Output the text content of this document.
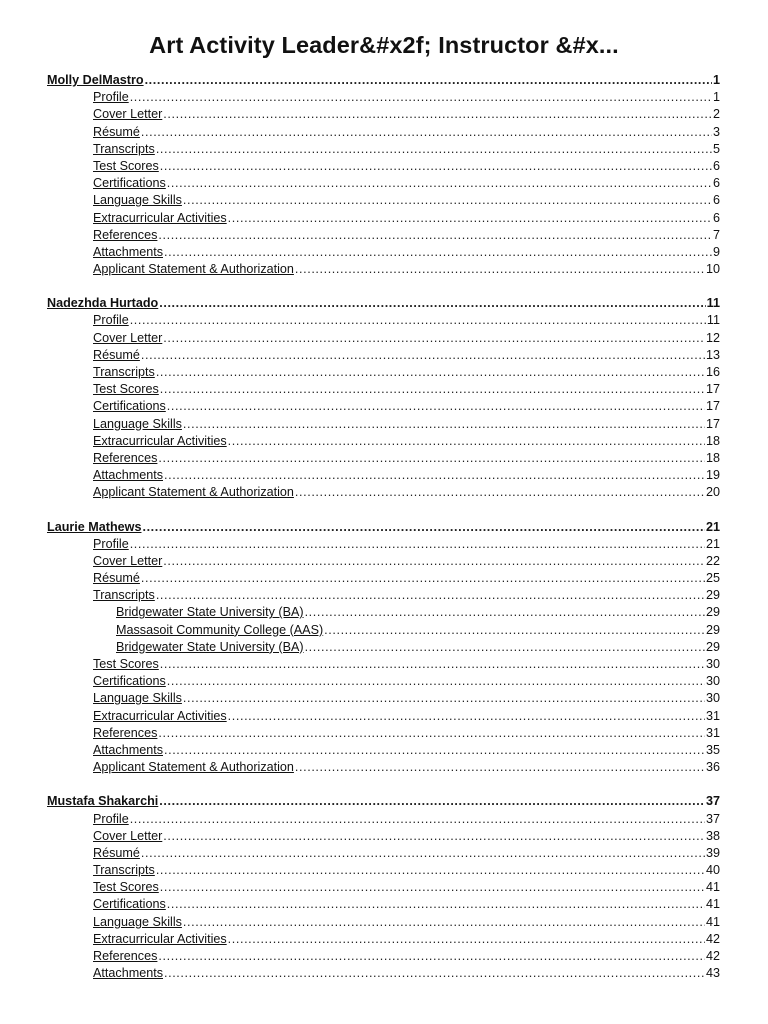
Art Activity Leader&#x2f; Instructor &#x...
Molly DelMastro .....	1
Profile .....	1
Cover Letter .....	2
Résumé .....	3
Transcripts .....	5
Test Scores .....	6
Certifications .....	6
Language Skills .....	6
Extracurricular Activities .....	6
References .....	7
Attachments .....	9
Applicant Statement & Authorization .....	10
Nadezhda Hurtado .....	11
Profile .....	11
Cover Letter .....	12
Résumé .....	13
Transcripts .....	16
Test Scores .....	17
Certifications .....	17
Language Skills .....	17
Extracurricular Activities .....	18
References .....	18
Attachments .....	19
Applicant Statement & Authorization .....	20
Laurie Mathews .....	21
Profile .....	21
Cover Letter .....	22
Résumé .....	25
Transcripts .....	29
Bridgewater State University (BA) .....	29
Massasoit Community College (AAS) .....	29
Bridgewater State University (BA) .....	29
Test Scores .....	30
Certifications .....	30
Language Skills .....	30
Extracurricular Activities .....	31
References .....	31
Attachments .....	35
Applicant Statement & Authorization .....	36
Mustafa Shakarchi .....	37
Profile .....	37
Cover Letter .....	38
Résumé .....	39
Transcripts .....	40
Test Scores .....	41
Certifications .....	41
Language Skills .....	41
Extracurricular Activities .....	42
References .....	42
Attachments .....	43
